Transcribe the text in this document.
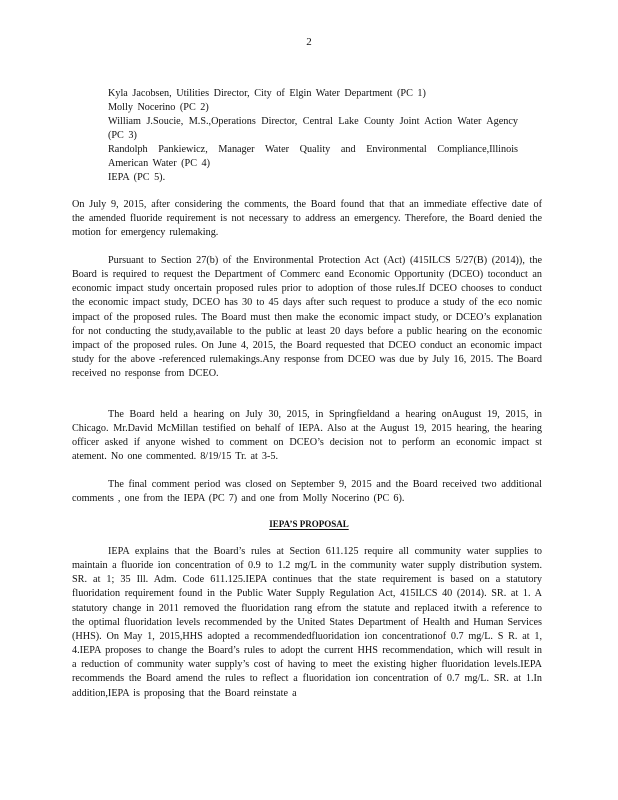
2
Kyla Jacobsen, Utilities Director, City of Elgin Water Department (PC 1)
Molly Nocerino (PC 2)
William J.Soucie, M.S.,Operations Director, Central Lake County Joint Action Water Agency (PC 3)
Randolph Pankiewicz, Manager Water Quality and Environmental Compliance,Illinois American Water (PC 4)
IEPA (PC 5).

On July 9, 2015, after considering the comments, the Board found that that an immediate effective date of the amended fluoride requirement is not necessary to address an emergency. Therefore, the Board denied the motion for emergency rulemaking.

Pursuant to Section 27(b) of the Environmental Protection Act (Act) (415ILCS 5/27(B) (2014)), the Board is required to request the Department of Commerc eand Economic Opportunity (DCEO) toconduct an economic impact study oncertain proposed rules prior to adoption of those rules.If DCEO chooses to conduct the economic impact study, DCEO has 30 to 45 days after such request to produce a study of the eco nomic impact of the proposed rules. The Board must then make the economic impact study, or DCEO’s explanation for not conducting the study,available to the public at least 20 days before a public hearing on the economic impact of the proposed rules. On June 4, 2015, the Board requested that DCEO conduct an economic impact study for the above -referenced rulemakings.Any response from DCEO was due by July 16, 2015. The Board received no response from DCEO.

The Board held a hearing on July 30, 2015, in Springfieldand a hearing onAugust 19, 2015, in Chicago. Mr.David McMillan testified on behalf of IEPA. Also at the August 19, 2015 hearing, the hearing officer asked if anyone wished to comment on DCEO’s decision not to perform an economic impact st atement. No one commented. 8/19/15 Tr. at 3-5.

The final comment period was closed on September 9, 2015 and the Board received two additional comments , one from the IEPA (PC 7) and one from Molly Nocerino (PC 6).

IEPA’S PROPOSAL

IEPA explains that the Board’s rules at Section 611.125 require all community water supplies to maintain a fluoride ion concentration of 0.9 to 1.2 mg/L in the community water supply distribution system. SR. at 1; 35 Ill. Adm. Code 611.125.IEPA continues that the state requirement is based on a statutory fluoridation requirement found in the Public Water Supply Regulation Act, 415ILCS 40 (2014). SR. at 1. A statutory change in 2011 removed the fluoridation rang efrom the statute and replaced itwith a reference to the optimal fluoridation levels recommended by the United States Department of Health and Human Services (HHS). On May 1, 2015,HHS adopted a recommendedfluoridation ion concentrationof 0.7 mg/L. S R. at 1, 4.IEPA proposes to change the Board’s rules to adopt the current HHS recommendation, which will result in a reduction of community water supply’s cost of having to meet the existing higher fluoridation levels.IEPA recommends the Board amend the rules to reflect a fluoridation ion concentration of 0.7 mg/L. SR. at 1.In addition,IEPA is proposing that the Board reinstate a
